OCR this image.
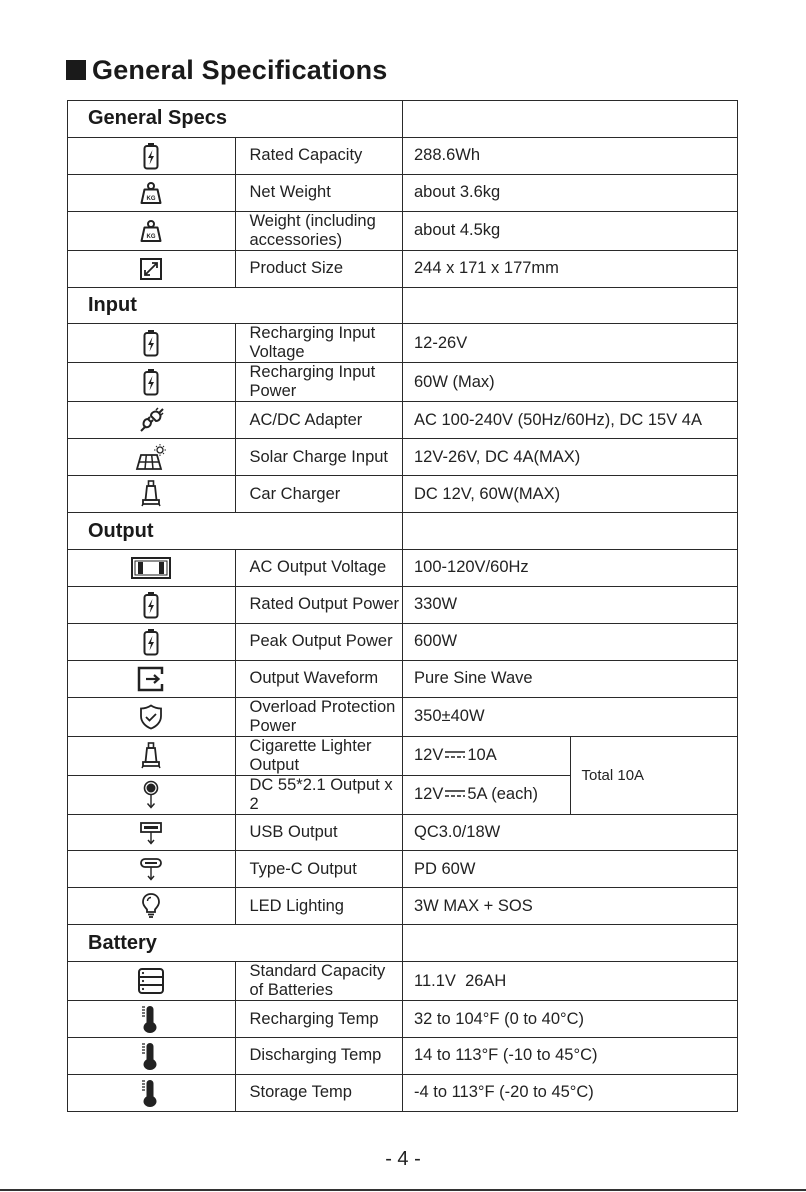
General Specifications
General Specs			

	Rated Capacity	288.6Wh	

KG	Net Weight	about 3.6kg	

KG	Weight (including accessories)	about 4.5kg	

	Product Size	244 x 171 x 177mm	
Input			

	Recharging Input Voltage	12-26V	

	Recharging Input Power	60W (Max)	

	AC/DC Adapter	AC 100-240V (50Hz/60Hz), DC 15V 4A	

	Solar Charge Input	12V-26V, DC 4A(MAX)	

	Car Charger	DC 12V, 60W(MAX)	
Output			

	AC Output Voltage	100-120V/60Hz	

	Rated Output Power	330W	

	Peak Output Power	600W	

	Output Waveform	Pure Sine Wave	

	Overload Protection Power	350±40W	

	Cigarette Lighter Output	12V 10A	Total 10A

	DC 55*2.1 Output x 2	12V 5A (each)	

	USB Output	QC3.0/18W	

	Type-C Output	PD 60W	

	LED Lighting	3W MAX + SOS	
Battery			

	Standard Capacity of Batteries	11.1V  26AH	

	Recharging Temp	32 to 104°F (0 to 40°C)	

	Discharging Temp	14 to 113°F (-10 to 45°C)	

	Storage Temp	-4 to 113°F (-20 to 45°C)	
- 4 -
